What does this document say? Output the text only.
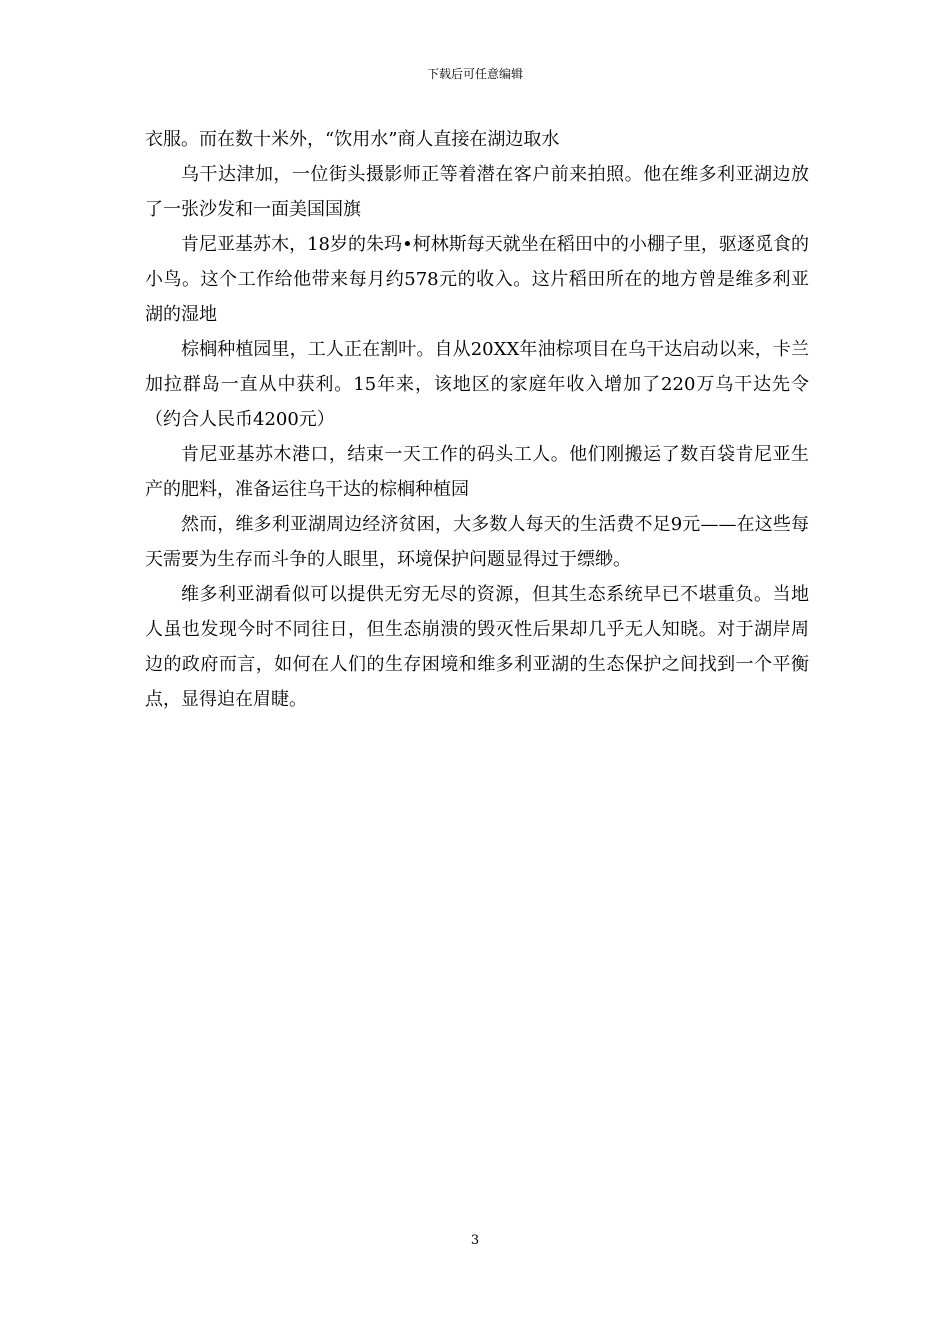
下载后可任意编辑

衣服。而在数十米外，“饮用水”商人直接在湖边取水

乌干达津加，一位街头摄影师正等着潜在客户前来拍照。他在维多利亚湖边放了一张沙发和一面美国国旗

肯尼亚基苏木，18岁的朱玛•柯林斯每天就坐在稻田中的小棚子里，驱逐觅食的小鸟。这个工作给他带来每月约578元的收入。这片稻田所在的地方曾是维多利亚湖的湿地

棕榈种植园里，工人正在割叶。自从20XX年油棕项目在乌干达启动以来，卡兰加拉群岛一直从中获利。15年来，该地区的家庭年收入增加了220万乌干达先令（约合人民币4200元）

肯尼亚基苏木港口，结束一天工作的码头工人。他们刚搬运了数百袋肯尼亚生产的肥料，准备运往乌干达的棕榈种植园

然而，维多利亚湖周边经济贫困，大多数人每天的生活费不足9元——在这些每天需要为生存而斗争的人眼里，环境保护问题显得过于缥缈。

维多利亚湖看似可以提供无穷无尽的资源，但其生态系统早已不堪重负。当地人虽也发现今时不同往日，但生态崩溃的毁灭性后果却几乎无人知晓。对于湖岸周边的政府而言，如何在人们的生存困境和维多利亚湖的生态保护之间找到一个平衡点，显得迫在眉睫。

3
